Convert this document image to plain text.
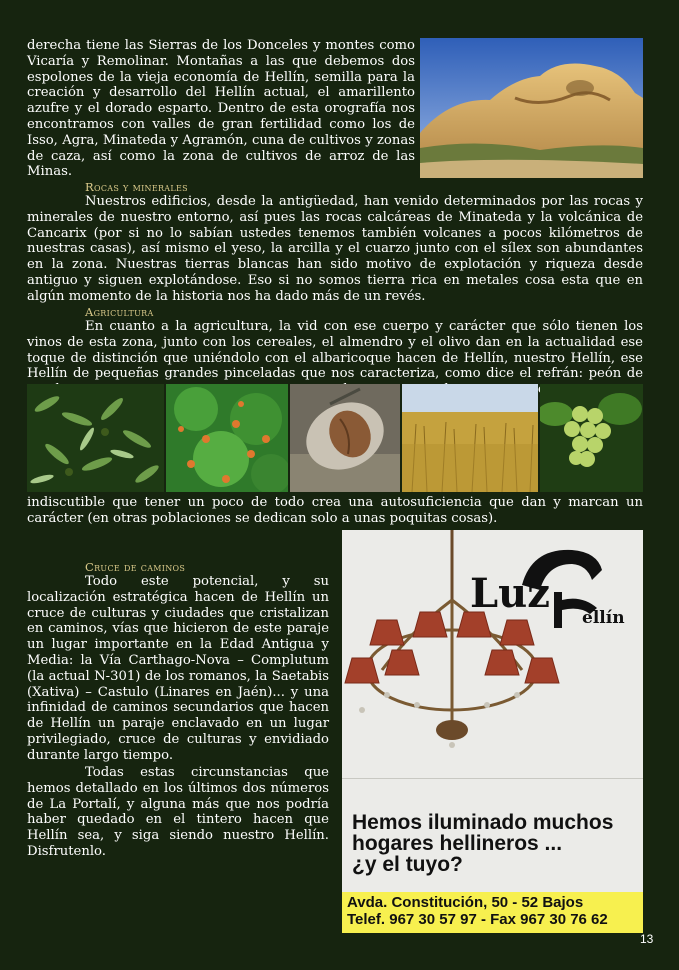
derecha tiene las Sierras de los Donceles y montes como Vicaría y Remolinar. Montañas a las que debemos dos espolones de la vieja economía de Hellín, semilla para la creación y desarrollo del Hellín actual, el amarillento azufre y el dorado esparto. Dentro de esta orografía nos encontramos con valles de gran fertilidad como los de Isso, Agra, Minateda y Agramón, cuna de cultivos y zonas de caza, así como la zona de cultivos de arroz de las Minas.

Rocas y minerales

Nuestros edificios, desde la antigüedad, han venido determinados por las rocas y minerales de nuestro entorno, así pues las rocas calcáreas de Minateda y la volcánica de Cancarix (por si no lo sabían ustedes tenemos también volcanes a pocos kilómetros de nuestras casas), así mismo el yeso, la arcilla y el cuarzo junto con el sílex son abundantes en la zona. Nuestras tierras blancas han sido motivo de explotación y riqueza desde antiguo y siguen explotándose. Eso si no somos tierra rica en metales cosa esta que en algún momento de la historia nos ha dado más de un revés.

Agricultura

En cuanto a la agricultura, la vid con ese cuerpo y carácter que sólo tienen los vinos de esta zona, junto con los cereales, el almendro y el olivo dan en la actualidad ese toque de distinción que uniéndolo con el albaricoque hacen de Hellín, nuestro Hellín, ese Hellín de pequeñas grandes pinceladas que nos caracteriza, como dice el refrán: peón de

indiscutible que tener un poco de todo crea una autosuficiencia que dan y marcan un carácter (en otras poblaciones se dedican solo a unas poquitas cosas).

Cruce de caminos

Todo este potencial, y su localización estratégica hacen de Hellín un cruce de culturas y ciudades que cristalizan en caminos, vías que hicieron de este paraje un lugar importante en la Edad Antigua y Media: la Vía Carthago-Nova – Complutum (la actual N-301) de los romanos, la Saetabis (Xativa) – Castulo (Linares en Jaén)... y una infinidad de caminos secundarios que hacen de Hellín un paraje enclavado en un lugar privilegiado, cruce de culturas y envidiado durante largo tiempo.

Todas estas circunstancias que hemos detallado en los últimos dos números de La Portalí, y alguna más que nos podría haber quedado en el tintero hacen que Hellín sea, y siga siendo nuestro Hellín. Disfrutenlo.

Luz
ellín

Hemos iluminado muchos
hogares hellineros ...
¿y el tuyo?

Avda. Constitución, 50 - 52 Bajos
Telef. 967 30 57 97 - Fax 967 30 76 62

13
